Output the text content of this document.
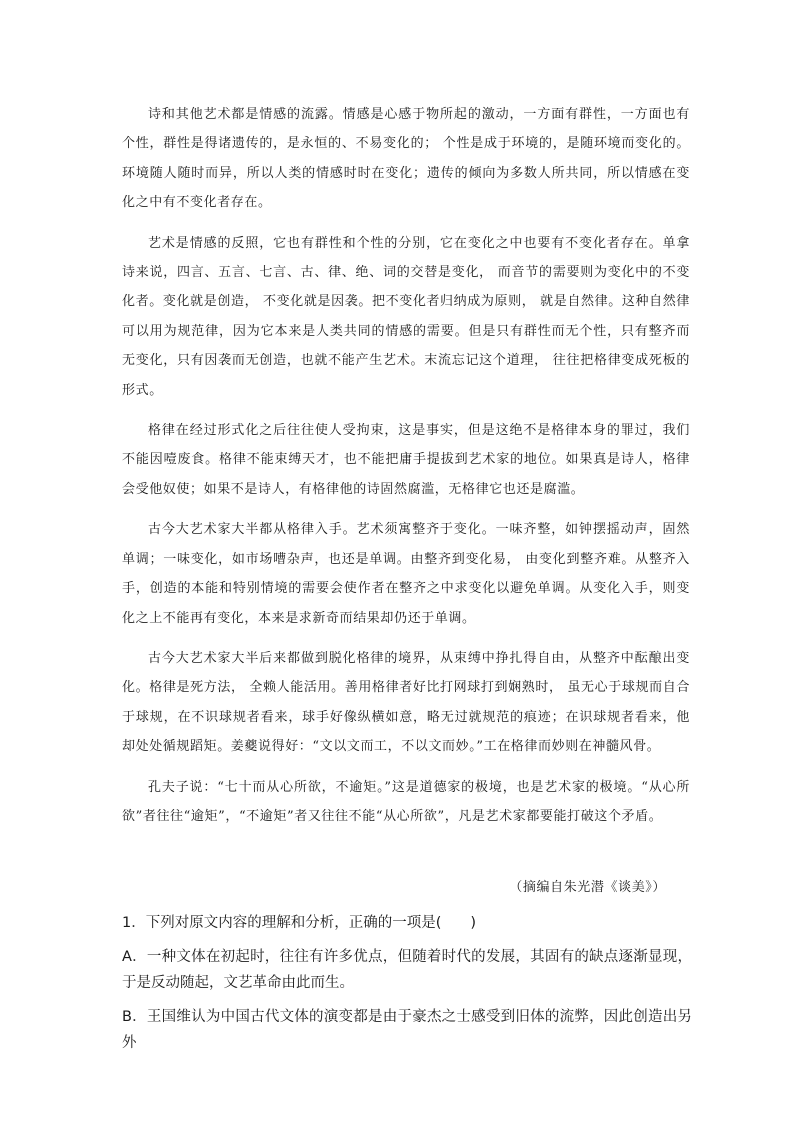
诗和其他艺术都是情感的流露。情感是心感于物所起的激动，一方面有群性，一方面也有个性，群性是得诸遗传的，是永恒的、不易变化的； 个性是成于环境的，是随环境而变化的。环境随人随时而异，所以人类的情感时时在变化；遗传的倾向为多数人所共同，所以情感在变化之中有不变化者存在。

艺术是情感的反照，它也有群性和个性的分别，它在变化之中也要有不变化者存在。单拿诗来说，四言、五言、七言、古、律、绝、词的交替是变化， 而音节的需要则为变化中的不变化者。变化就是创造， 不变化就是因袭。把不变化者归纳成为原则， 就是自然律。这种自然律可以用为规范律，因为它本来是人类共同的情感的需要。但是只有群性而无个性，只有整齐而无变化，只有因袭而无创造，也就不能产生艺术。末流忘记这个道理， 往往把格律变成死板的形式。

格律在经过形式化之后往往使人受拘束，这是事实，但是这绝不是格律本身的罪过，我们不能因噎废食。格律不能束缚天才，也不能把庸手提拔到艺术家的地位。如果真是诗人，格律会受他奴使；如果不是诗人，有格律他的诗固然腐滥，无格律它也还是腐滥。

古今大艺术家大半都从格律入手。艺术须寓整齐于变化。一味齐整，如钟摆摇动声，固然单调；一味变化，如市场嘈杂声，也还是单调。由整齐到变化易， 由变化到整齐难。从整齐入手，创造的本能和特别情境的需要会使作者在整齐之中求变化以避免单调。从变化入手，则变化之上不能再有变化，本来是求新奇而结果却仍还于单调。

古今大艺术家大半后来都做到脱化格律的境界，从束缚中挣扎得自由，从整齐中酝酿出变化。格律是死方法， 全赖人能活用。善用格律者好比打网球打到娴熟时， 虽无心于球规而自合于球规，在不识球规者看来，球手好像纵横如意，略无过就规范的痕迹；在识球规者看来，他却处处循规蹈矩。姜夔说得好：“文以文而工，不以文而妙。”工在格律而妙则在神髓风骨。

孔夫子说：“七十而从心所欲，不逾矩。”这是道德家的极境，也是艺术家的极境。“从心所欲”者往往“逾矩”，“不逾矩”者又往往不能“从心所欲”，凡是艺术家都要能打破这个矛盾。

（摘编自朱光潜《谈美》）

1．下列对原文内容的理解和分析，正确的一项是(　　)

A．一种文体在初起时，往往有许多优点，但随着时代的发展，其固有的缺点逐渐显现，于是反动随起，文艺革命由此而生。

B．王国维认为中国古代文体的演变都是由于豪杰之士感受到旧体的流弊，因此创造出另外
